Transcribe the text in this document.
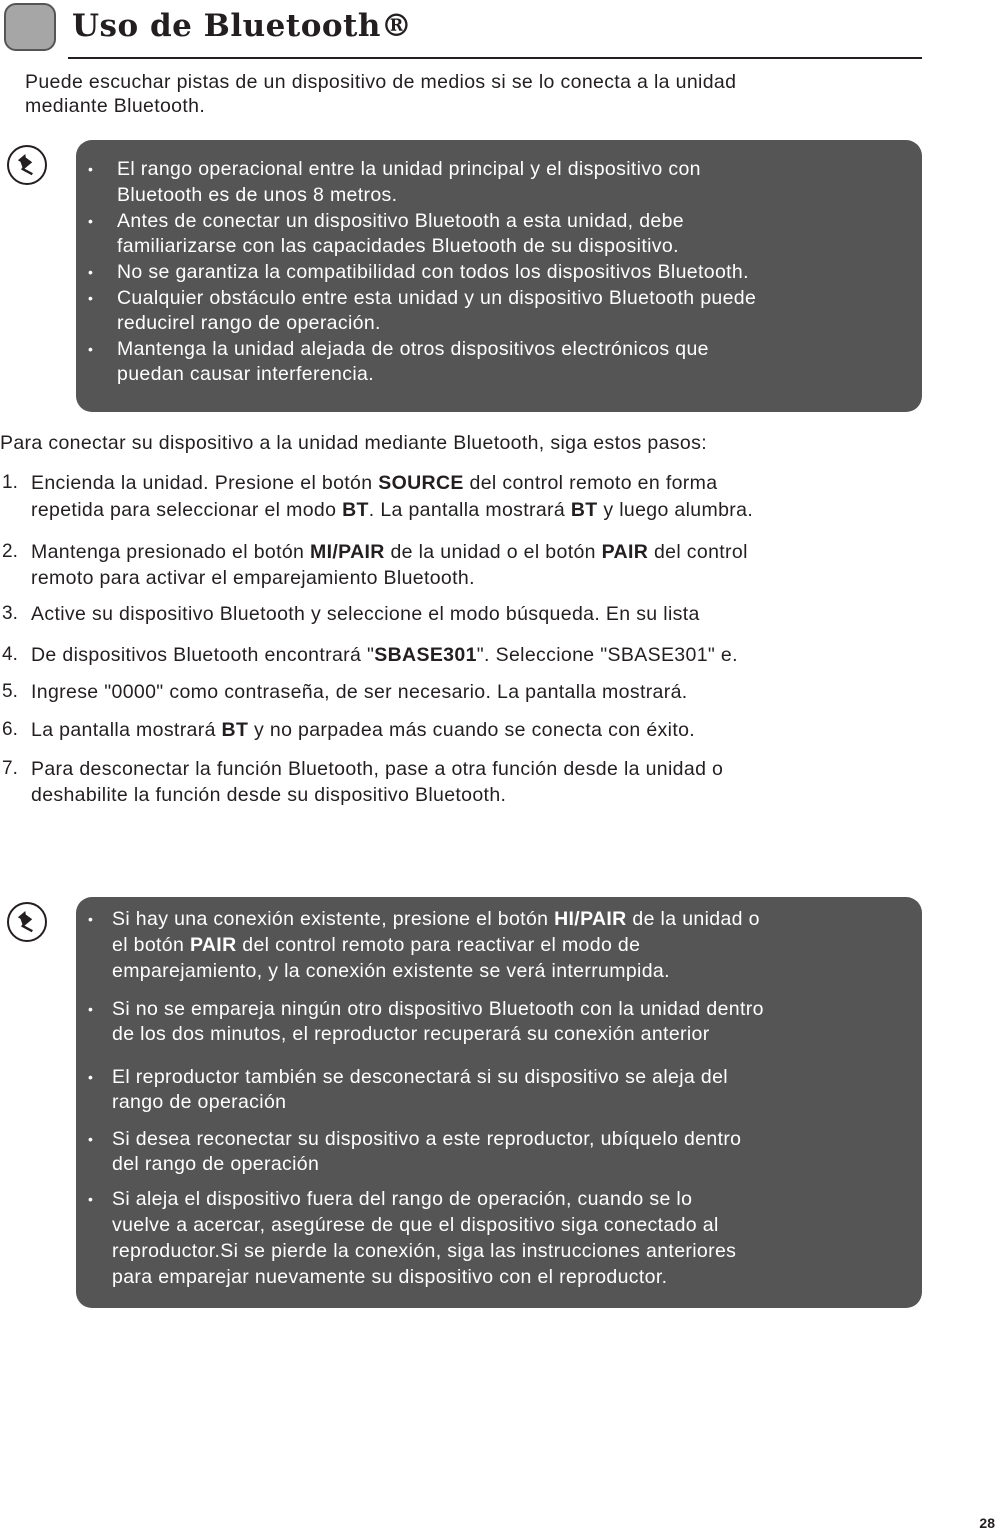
Uso de Bluetooth®
Puede escuchar pistas de un dispositivo de medios si se lo conecta a la unidad
mediante Bluetooth.
• El rango operacional entre la unidad principal y el dispositivo con
Bluetooth es de unos 8 metros.
• Antes de conectar un dispositivo Bluetooth a esta unidad, debe
familiarizarse con las capacidades Bluetooth de su dispositivo.
• No se garantiza la compatibilidad con todos los dispositivos Bluetooth.
• Cualquier obstáculo entre esta unidad y un dispositivo Bluetooth puede
reducirel rango de operación.
• Mantenga la unidad alejada de otros dispositivos electrónicos que
puedan causar interferencia.
Para conectar su dispositivo a la unidad mediante Bluetooth, siga estos pasos:
1. Encienda la unidad. Presione el botón SOURCE del control remoto en forma
repetida para seleccionar el modo BT. La pantalla mostrará BT y luego alumbra.
2. Mantenga presionado el botón MI/PAIR de la unidad o el botón PAIR del control
remoto para activar el emparejamiento Bluetooth.
3. Active su dispositivo Bluetooth y seleccione el modo búsqueda. En su lista
4. De dispositivos Bluetooth encontrará "SBASE301". Seleccione "SBASE301" e.
5. Ingrese "0000" como contraseña, de ser necesario. La pantalla mostrará.
6. La pantalla mostrará BT y no parpadea más cuando se conecta con éxito.
7. Para desconectar la función Bluetooth, pase a otra función desde la unidad o
deshabilite la función desde su dispositivo Bluetooth.
• Si hay una conexión existente, presione el botón HI/PAIR de la unidad o
el botón PAIR del control remoto para reactivar el modo de
emparejamiento, y la conexión existente se verá interrumpida.
• Si no se empareja ningún otro dispositivo Bluetooth con la unidad dentro
de los dos minutos, el reproductor recuperará su conexión anterior
• El reproductor también se desconectará si su dispositivo se aleja del
rango de operación
• Si desea reconectar su dispositivo a este reproductor, ubíquelo dentro
del rango de operación
• Si aleja el dispositivo fuera del rango de operación, cuando se lo
vuelve a acercar, asegúrese de que el dispositivo siga conectado al
reproductor.Si se pierde la conexión, siga las instrucciones anteriores
para emparejar nuevamente su dispositivo con el reproductor.
28
